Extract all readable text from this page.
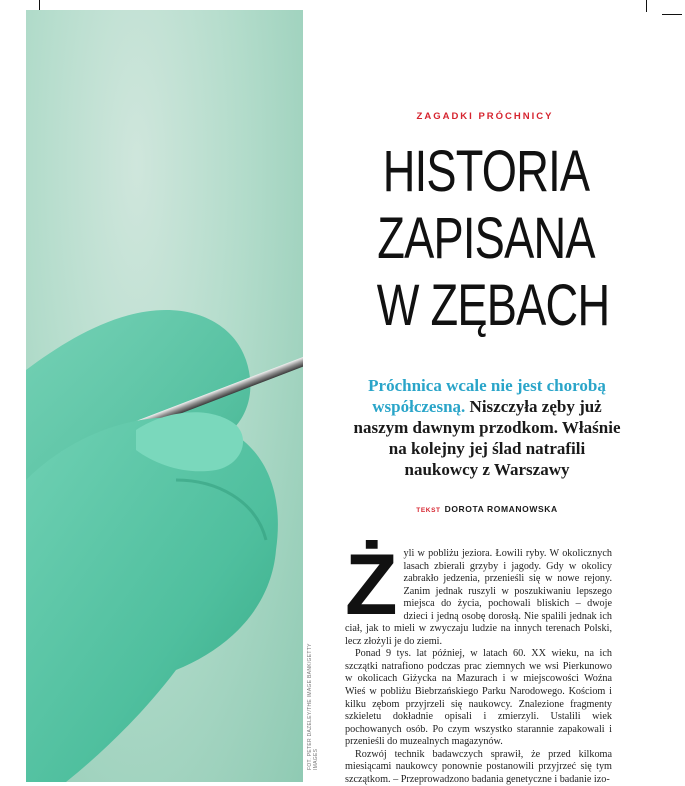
FOT. PETER DAZELEY/THE IMAGE BANK/GETTY IMAGES
ZAGADKI PRÓCHNICY
HISTORIA
ZAPISANA
W ZĘBACH
Próchnica wcale nie jest chorobą współczesną. Niszczyła zęby już naszym dawnym przodkom. Właśnie na kolejny jej ślad natrafili naukowcy z Warszawy
TEKST DOROTA ROMANOWSKA
Ż yli w pobliżu jeziora. Łowili ryby. W okolicznych lasach zbierali grzyby i jagody. Gdy w okolicy zabrakło jedzenia, przenieśli się w nowe rejony. Zanim jednak ruszyli w poszukiwaniu lepszego miejsca do życia, pochowali bliskich – dwoje dzieci i jedną osobę dorosłą. Nie spalili jednak ich ciał, jak to mieli w zwyczaju ludzie na innych terenach Polski, lecz złożyli je do ziemi.

Ponad 9 tys. lat później, w latach 60. XX wieku, na ich szczątki natrafiono podczas prac ziemnych we wsi Pierkunowo w okolicach Giżycka na Mazurach i w miejscowości Woźna Wieś w pobliżu Biebrzańskiego Parku Narodowego. Kościom i kilku zębom przyjrzeli się naukowcy. Znalezione fragmenty szkieletu dokładnie opisali i zmierzyli. Ustalili wiek pochowanych osób. Po czym wszystko starannie zapakowali i przenieśli do muzealnych magazynów.

Rozwój technik badawczych sprawił, że przed kilkoma miesiącami naukowcy ponownie postanowili przyjrzeć się tym szczątkom. – Przeprowadzono badania genetyczne i badanie izo-
